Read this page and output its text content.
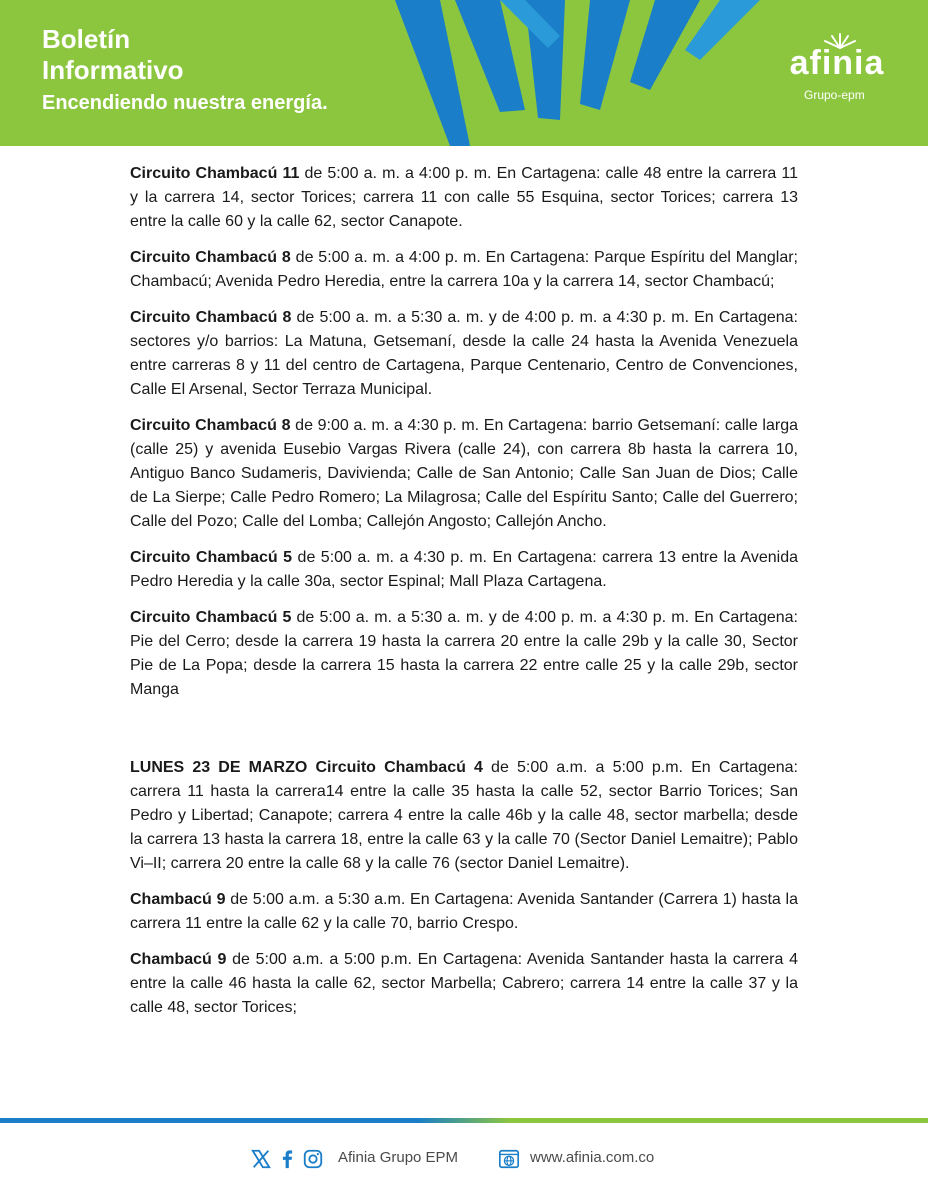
Boletín
Informativo
Encendiendo nuestra energía.
afinia
Grupo-epm

Circuito Chambacú 11 de 5:00 a. m. a 4:00 p. m. En Cartagena: calle 48 entre la carrera 11 y la carrera 14, sector Torices; carrera 11 con calle 55 Esquina, sector Torices; carrera 13 entre la calle 60 y la calle 62, sector Canapote.

Circuito Chambacú 8 de 5:00 a. m. a 4:00 p. m. En Cartagena: Parque Espíritu del Manglar; Chambacú; Avenida Pedro Heredia, entre la carrera 10a y la carrera 14, sector Chambacú;

Circuito Chambacú 8 de 5:00 a. m. a 5:30 a. m. y de 4:00 p. m. a 4:30 p. m. En Cartagena: sectores y/o barrios: La Matuna, Getsemaní, desde la calle 24 hasta la Avenida Venezuela entre carreras 8 y 11 del centro de Cartagena, Parque Centenario, Centro de Convenciones, Calle El Arsenal, Sector Terraza Municipal.

Circuito Chambacú 8 de 9:00 a. m. a 4:30 p. m. En Cartagena: barrio Getsemaní: calle larga (calle 25) y avenida Eusebio Vargas Rivera (calle 24), con carrera 8b hasta la carrera 10, Antiguo Banco Sudameris, Davivienda; Calle de San Antonio; Calle San Juan de Dios; Calle de La Sierpe; Calle Pedro Romero; La Milagrosa; Calle del Espíritu Santo; Calle del Guerrero; Calle del Pozo; Calle del Lomba; Callejón Angosto; Callejón Ancho.

Circuito Chambacú 5 de 5:00 a. m. a 4:30 p. m. En Cartagena: carrera 13 entre la Avenida Pedro Heredia y la calle 30a, sector Espinal; Mall Plaza Cartagena.

Circuito Chambacú 5 de 5:00 a. m. a 5:30 a. m. y de 4:00 p. m. a 4:30 p. m. En Cartagena: Pie del Cerro; desde la carrera 19 hasta la carrera 20 entre la calle 29b y la calle 30, Sector Pie de La Popa; desde la carrera 15 hasta la carrera 22 entre calle 25 y la calle 29b, sector Manga

LUNES 23 DE MARZO Circuito Chambacú 4 de 5:00 a.m. a 5:00 p.m. En Cartagena: carrera 11 hasta la carrera14 entre la calle 35 hasta la calle 52, sector Barrio Torices; San Pedro y Libertad; Canapote; carrera 4 entre la calle 46b y la calle 48, sector marbella; desde la carrera 13 hasta la carrera 18, entre la calle 63 y la calle 70 (Sector Daniel Lemaitre); Pablo Vi–II; carrera 20 entre la calle 68 y la calle 76 (sector Daniel Lemaitre).

Chambacú 9 de 5:00 a.m. a 5:30 a.m. En Cartagena: Avenida Santander (Carrera 1) hasta la carrera 11 entre la calle 62 y la calle 70, barrio Crespo.

Chambacú 9 de 5:00 a.m. a 5:00 p.m. En Cartagena: Avenida Santander hasta la carrera 4 entre la calle 46 hasta la calle 62, sector Marbella; Cabrero; carrera 14 entre la calle 37 y la calle 48, sector Torices;

Afinia Grupo EPM	www.afinia.com.co
